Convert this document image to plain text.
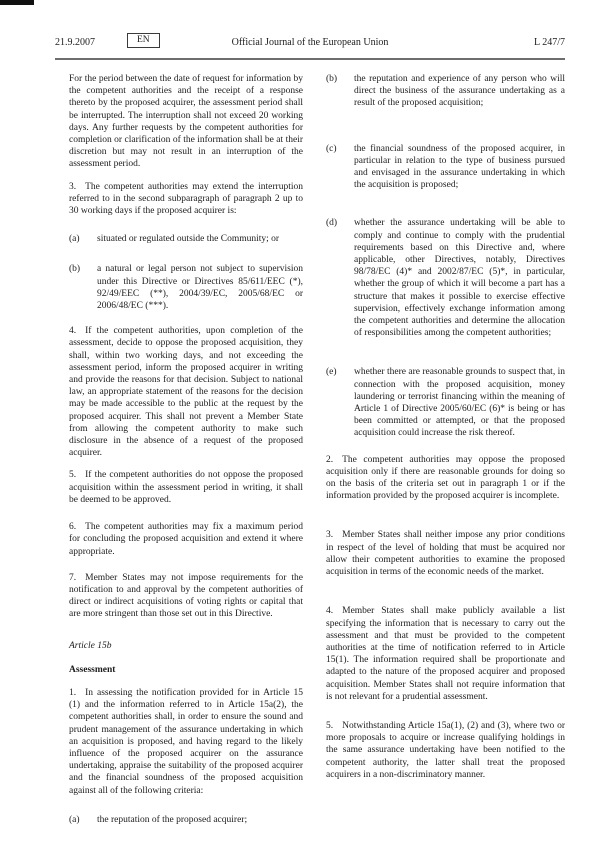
21.9.2007	EN	Official Journal of the European Union	L 247/7

For the period between the date of request for information by the competent authorities and the receipt of a response thereto by the proposed acquirer, the assessment period shall be interrupted. The interruption shall not exceed 20 working days. Any further requests by the competent authorities for completion or clarification of the information shall be at their discretion but may not result in an interruption of the assessment period.

3. The competent authorities may extend the interruption referred to in the second subparagraph of paragraph 2 up to 30 working days if the proposed acquirer is:

(a)	situated or regulated outside the Community; or
(b)	a natural or legal person not subject to supervision under this Directive or Directives 85/611/EEC (*), 92/49/EEC (**), 2004/39/EC, 2005/68/EC or 2006/48/EC (***).

4. If the competent authorities, upon completion of the assessment, decide to oppose the proposed acquisition, they shall, within two working days, and not exceeding the assessment period, inform the proposed acquirer in writing and provide the reasons for that decision. Subject to national law, an appropriate statement of the reasons for the decision may be made accessible to the public at the request by the proposed acquirer. This shall not prevent a Member State from allowing the competent authority to make such disclosure in the absence of a request of the proposed acquirer.

5. If the competent authorities do not oppose the proposed acquisition within the assessment period in writing, it shall be deemed to be approved.

6. The competent authorities may fix a maximum period for concluding the proposed acquisition and extend it where appropriate.

7. Member States may not impose requirements for the notification to and approval by the competent authorities of direct or indirect acquisitions of voting rights or capital that are more stringent than those set out in this Directive.

Article 15b

Assessment

1. In assessing the notification provided for in Article 15 (1) and the information referred to in Article 15a(2), the competent authorities shall, in order to ensure the sound and prudent management of the assurance undertaking in which an acquisition is proposed, and having regard to the likely influence of the proposed acquirer on the assurance undertaking, appraise the suitability of the proposed acquirer and the financial soundness of the proposed acquisition against all of the following criteria:

(a)	the reputation of the proposed acquirer;
(b)	the reputation and experience of any person who will direct the business of the assurance undertaking as a result of the proposed acquisition;
(c)	the financial soundness of the proposed acquirer, in particular in relation to the type of business pursued and envisaged in the assurance undertaking in which the acquisition is proposed;
(d)	whether the assurance undertaking will be able to comply and continue to comply with the prudential requirements based on this Directive and, where applicable, other Directives, notably, Directives 98/78/EC (4)* and 2002/87/EC (5)*, in particular, whether the group of which it will become a part has a structure that makes it possible to exercise effective supervision, effectively exchange information among the competent authorities and determine the allocation of responsibilities among the competent authorities;
(e)	whether there are reasonable grounds to suspect that, in connection with the proposed acquisition, money laundering or terrorist financing within the meaning of Article 1 of Directive 2005/60/EC (6)* is being or has been committed or attempted, or that the proposed acquisition could increase the risk thereof.

2. The competent authorities may oppose the proposed acquisition only if there are reasonable grounds for doing so on the basis of the criteria set out in paragraph 1 or if the information provided by the proposed acquirer is incomplete.

3. Member States shall neither impose any prior conditions in respect of the level of holding that must be acquired nor allow their competent authorities to examine the proposed acquisition in terms of the economic needs of the market.

4. Member States shall make publicly available a list specifying the information that is necessary to carry out the assessment and that must be provided to the competent authorities at the time of notification referred to in Article 15(1). The information required shall be proportionate and adapted to the nature of the proposed acquirer and proposed acquisition. Member States shall not require information that is not relevant for a prudential assessment.

5. Notwithstanding Article 15a(1), (2) and (3), where two or more proposals to acquire or increase qualifying holdings in the same assurance undertaking have been notified to the competent authority, the latter shall treat the proposed acquirers in a non-discriminatory manner.
